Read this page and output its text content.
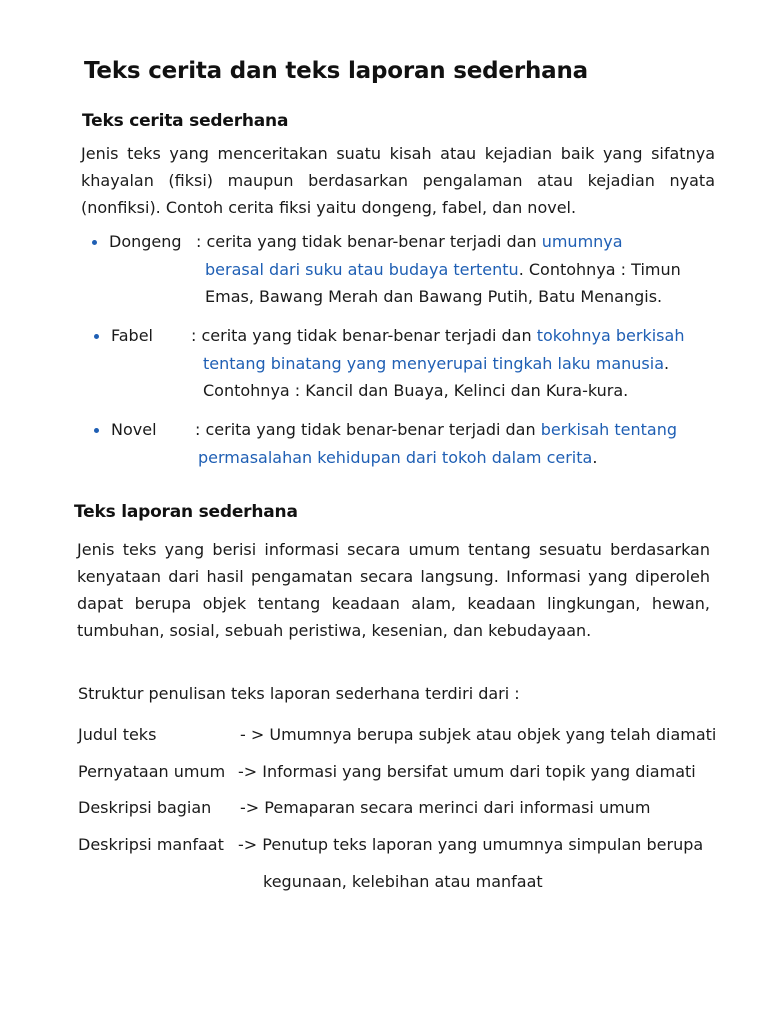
Teks cerita dan teks laporan sederhana
Teks cerita sederhana
Jenis teks yang menceritakan suatu kisah atau kejadian baik yang sifatnya khayalan (fiksi) maupun berdasarkan pengalaman atau kejadian nyata (nonfiksi). Contoh cerita fiksi yaitu dongeng, fabel, dan novel.
Dongeng : cerita yang tidak benar-benar terjadi dan umumnya
berasal dari suku atau budaya tertentu. Contohnya : Timun
Emas, Bawang Merah dan Bawang Putih, Batu Menangis.
Fabel : cerita yang tidak benar-benar terjadi dan tokohnya berkisah
tentang binatang yang menyerupai tingkah laku manusia.
Contohnya : Kancil dan Buaya, Kelinci dan Kura-kura.
Novel : cerita yang tidak benar-benar terjadi dan berkisah tentang
permasalahan kehidupan dari tokoh dalam cerita.
Teks laporan sederhana
Jenis teks yang berisi informasi secara umum tentang sesuatu berdasarkan kenyataan dari hasil pengamatan secara langsung. Informasi yang diperoleh dapat berupa objek tentang keadaan alam, keadaan lingkungan, hewan, tumbuhan, sosial, sebuah peristiwa, kesenian, dan kebudayaan.
Struktur penulisan teks laporan sederhana terdiri dari :
Judul teks	- > Umumnya berupa subjek atau objek yang telah diamati
Pernyataan umum -> Informasi yang bersifat umum dari topik yang diamati
Deskripsi bagian -> Pemaparan secara merinci dari informasi umum
Deskripsi manfaat -> Penutup teks laporan yang umumnya simpulan berupa
kegunaan, kelebihan atau manfaat
